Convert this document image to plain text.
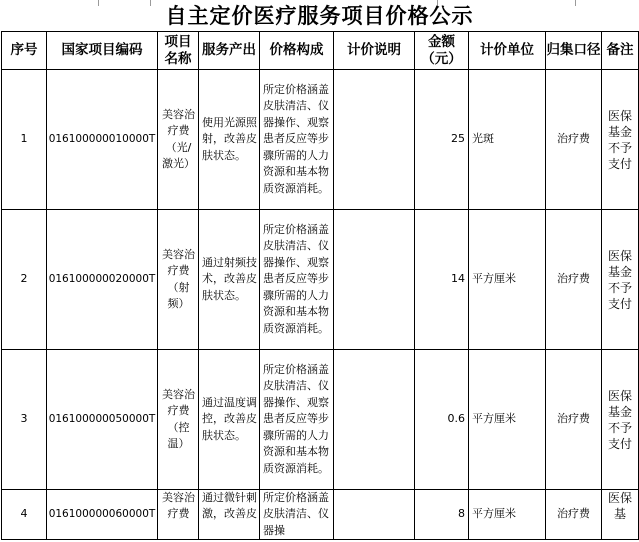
自主定价医疗服务项目价格公示
序号	国家项目编码	项目名称	服务产出	价格构成	计价说明	金额（元）	计价单位	归集口径	备注
1	016100000010000T	美容治疗费（光/激光）	使用光源照射，改善皮肤状态。	所定价格涵盖皮肤清洁、仪器操作、观察患者反应等步骤所需的人力资源和基本物质资源消耗。		25	光斑	治疗费	医保基金不予支付
2	016100000020000T	美容治疗费（射频）	通过射频技术，改善皮肤状态。	所定价格涵盖皮肤清洁、仪器操作、观察患者反应等步骤所需的人力资源和基本物质资源消耗。		14	平方厘米	治疗费	医保基金不予支付
3	016100000050000T	美容治疗费（控温）	通过温度调控，改善皮肤状态。	所定价格涵盖皮肤清洁、仪器操作、观察患者反应等步骤所需的人力资源和基本物质资源消耗。		0.6	平方厘米	治疗费	医保基金不予支付
4	016100000060000T	美容治疗费	通过微针刺激，改善皮	所定价格涵盖皮肤清洁、仪器操		8	平方厘米	治疗费	医保基
